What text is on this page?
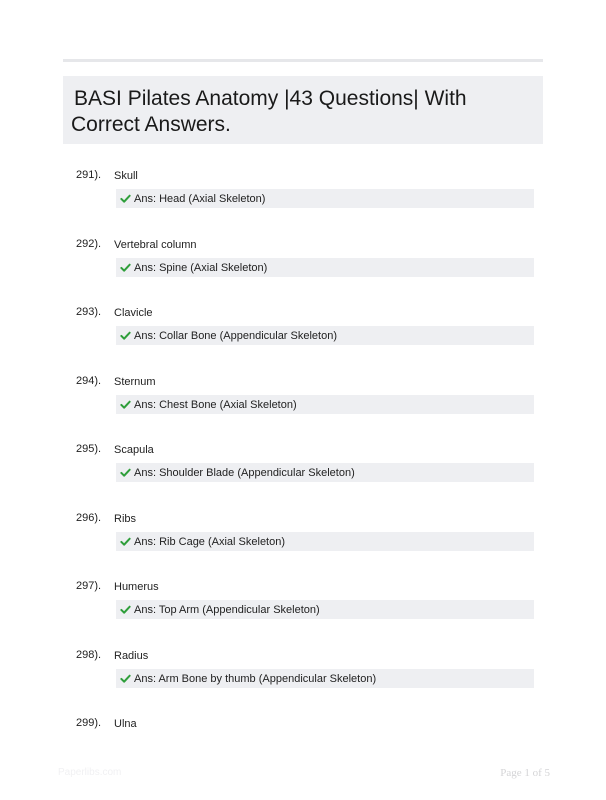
BASI Pilates Anatomy |43 Questions| With
Correct Answers.
291). Skull
Ans: Head (Axial Skeleton)
292). Vertebral column
Ans: Spine (Axial Skeleton)
293). Clavicle
Ans: Collar Bone (Appendicular Skeleton)
294). Sternum
Ans: Chest Bone (Axial Skeleton)
295). Scapula
Ans: Shoulder Blade (Appendicular Skeleton)
296). Ribs
Ans: Rib Cage (Axial Skeleton)
297). Humerus
Ans: Top Arm (Appendicular Skeleton)
298). Radius
Ans: Arm Bone by thumb (Appendicular Skeleton)
299). Ulna
Paperlibs.com	Page 1 of 5
